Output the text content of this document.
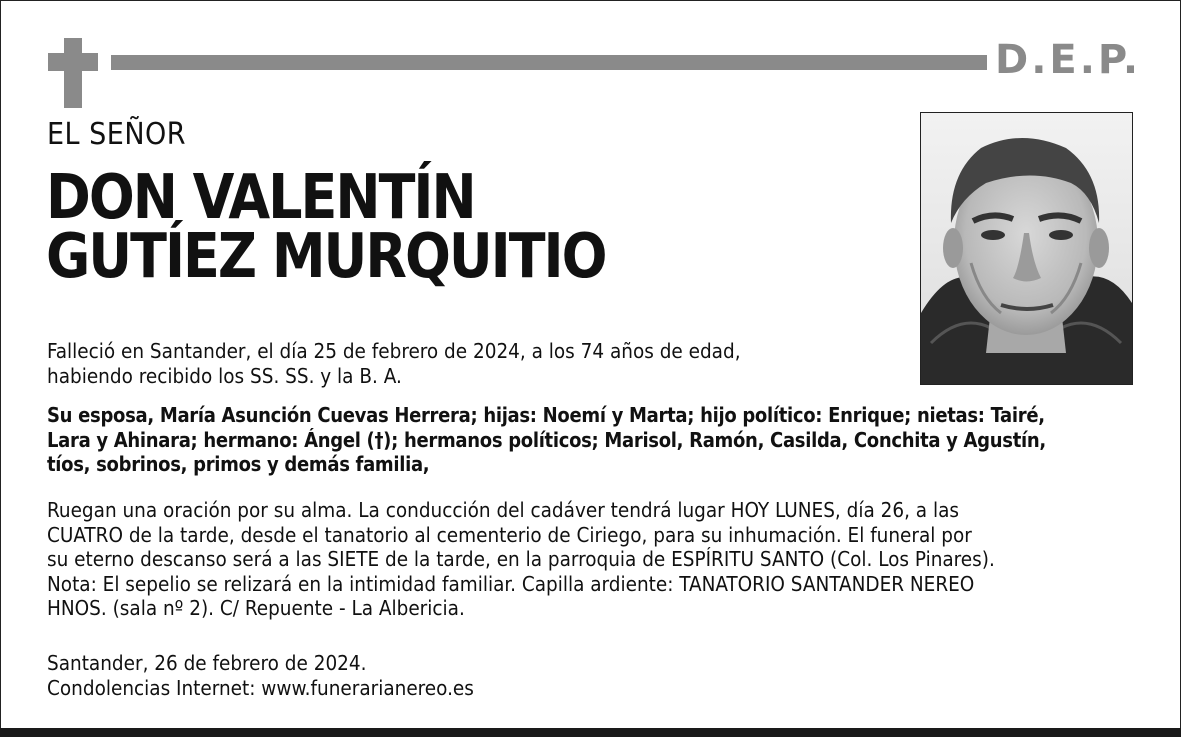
D.E.P.
EL SEÑOR
DON VALENTÍN
GUTÍEZ MURQUITIO
Falleció en Santander, el día 25 de febrero de 2024, a los 74 años de edad,
habiendo recibido los SS. SS. y la B. A.
Su esposa, María Asunción Cuevas Herrera; hijas: Noemí y Marta; hijo político: Enrique; nietas: Tairé,
Lara y Ahinara; hermano: Ángel (†); hermanos políticos; Marisol, Ramón, Casilda, Conchita y Agustín,
tíos, sobrinos, primos y demás familia,
Ruegan una oración por su alma. La conducción del cadáver tendrá lugar HOY LUNES, día 26, a las
CUATRO de la tarde, desde el tanatorio al cementerio de Ciriego, para su inhumación. El funeral por
su eterno descanso será a las SIETE de la tarde, en la parroquia de ESPÍRITU SANTO (Col. Los Pinares).
Nota: El sepelio se relizará en la intimidad familiar. Capilla ardiente: TANATORIO SANTANDER NEREO
HNOS. (sala nº 2). C/ Repuente - La Albericia.
Santander, 26 de febrero de 2024.
Condolencias Internet: www.funerarianereo.es
